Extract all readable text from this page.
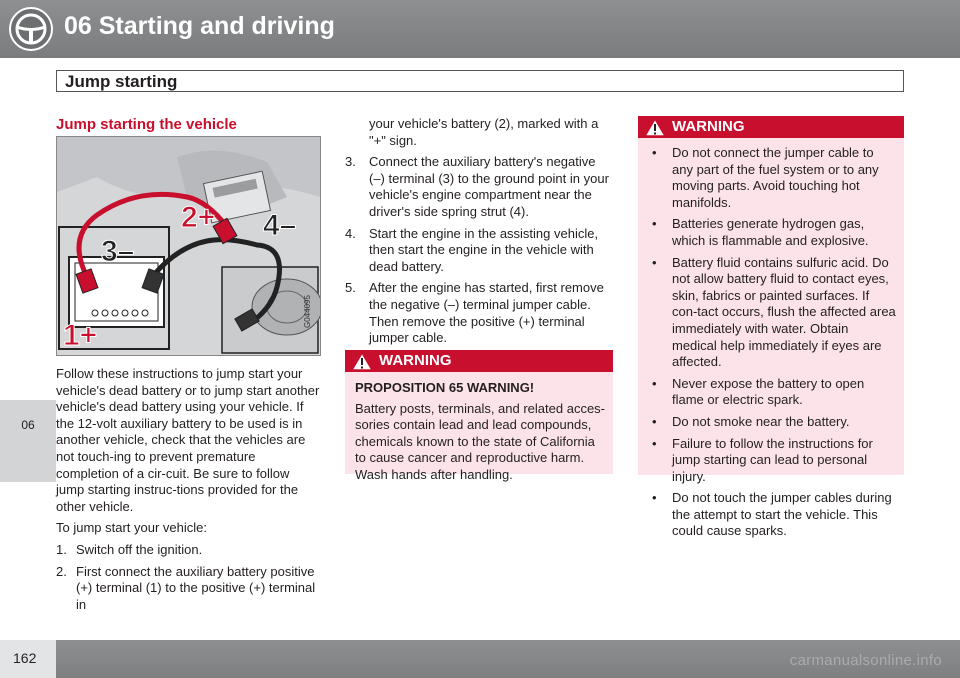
06 Starting and driving
Jump starting
06
Jump starting the vehicle
1+
2+
3–
4–
G044095

Follow these instructions to jump start your vehicle's dead battery or to jump start another vehicle's dead battery using your vehicle. If the 12-volt auxiliary battery to be used is in another vehicle, check that the vehicles are not touch-ing to prevent premature completion of a cir-cuit. Be sure to follow jump starting instruc-tions provided for the other vehicle.

To jump start your vehicle:

1. Switch off the ignition.
2. First connect the auxiliary battery positive (+) terminal (1) to the positive (+) terminal in

your vehicle's battery (2), marked with a "+" sign.

3. Connect the auxiliary battery's negative (–) terminal (3) to the ground point in your vehicle's engine compartment near the driver's side spring strut (4).
4. Start the engine in the assisting vehicle, then start the engine in the vehicle with dead battery.
5. After the engine has started, first remove the negative (–) terminal jumper cable. Then remove the positive (+) terminal jumper cable.
WARNING

PROPOSITION 65 WARNING!

Battery posts, terminals, and related acces-sories contain lead and lead compounds, chemicals known to the state of California to cause cancer and reproductive harm. Wash hands after handling.

WARNING
• Do not connect the jumper cable to any part of the fuel system or to any moving parts. Avoid touching hot manifolds.
• Batteries generate hydrogen gas, which is flammable and explosive.
• Battery fluid contains sulfuric acid. Do not allow battery fluid to contact eyes, skin, fabrics or painted surfaces. If con-tact occurs, flush the affected area immediately with water. Obtain medical help immediately if eyes are affected.
• Never expose the battery to open flame or electric spark.
• Do not smoke near the battery.
• Failure to follow the instructions for jump starting can lead to personal injury.
• Do not touch the jumper cables during the attempt to start the vehicle. This could cause sparks.
162	carmanualsonline.info
